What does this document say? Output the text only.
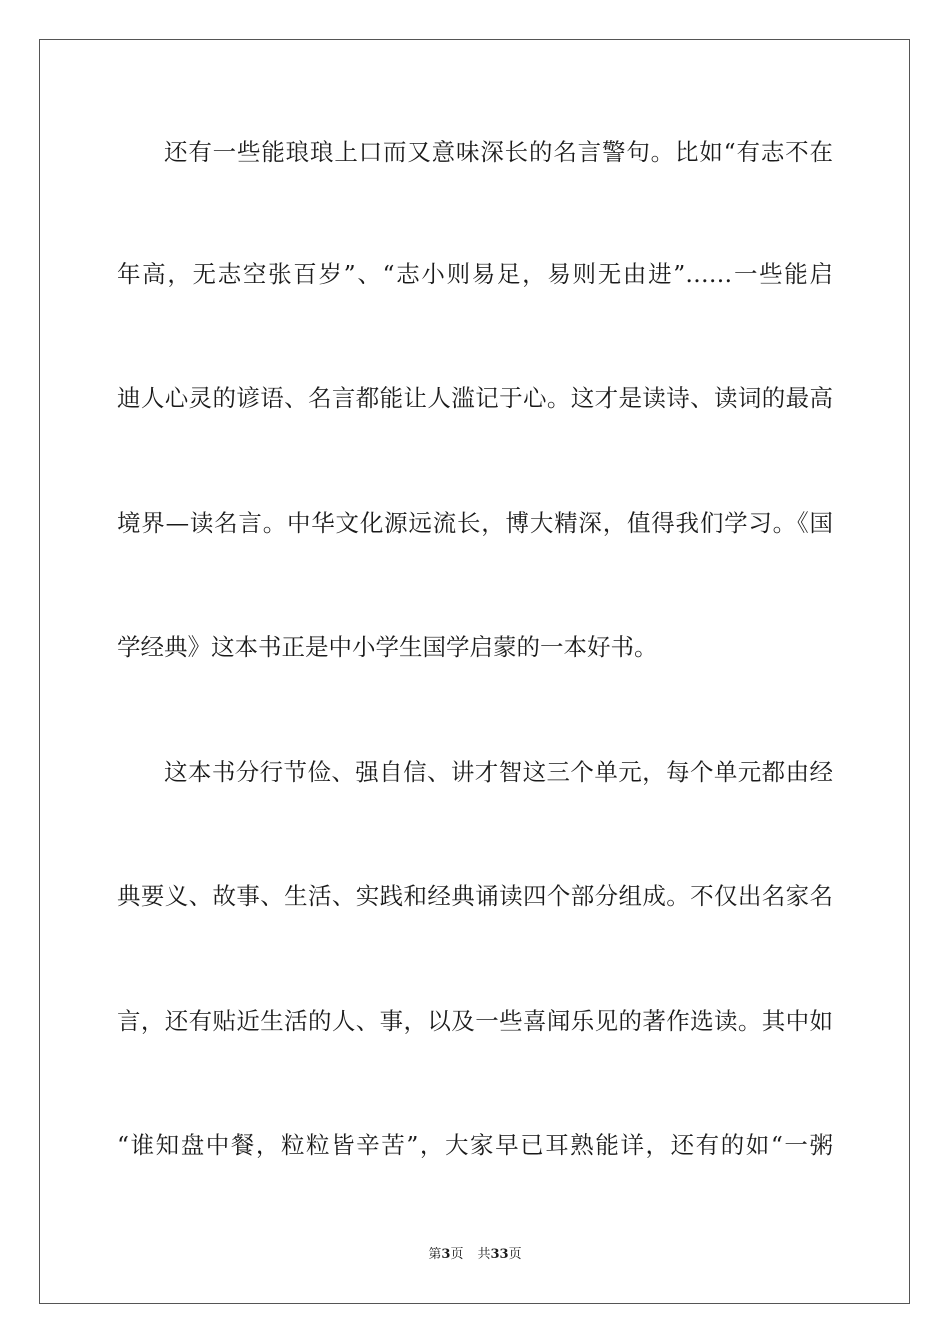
还有一些能琅琅上口而又意味深长的名言警句。比如“有志不在
年高，无志空张百岁”、“志小则易足，易则无由进”……一些能启
迪人心灵的谚语、名言都能让人滥记于心。这才是读诗、读词的最高
境界—读名言。中华文化源远流长，博大精深，值得我们学习。《国
学经典》这本书正是中小学生国学启蒙的一本好书。
这本书分行节俭、强自信、讲才智这三个单元，每个单元都由经
典要义、故事、生活、实践和经典诵读四个部分组成。不仅出名家名
言，还有贴近生活的人、事，以及一些喜闻乐见的著作选读。其中如
“谁知盘中餐，粒粒皆辛苦”，大家早已耳熟能详，还有的如“一粥
第3页 共33页
